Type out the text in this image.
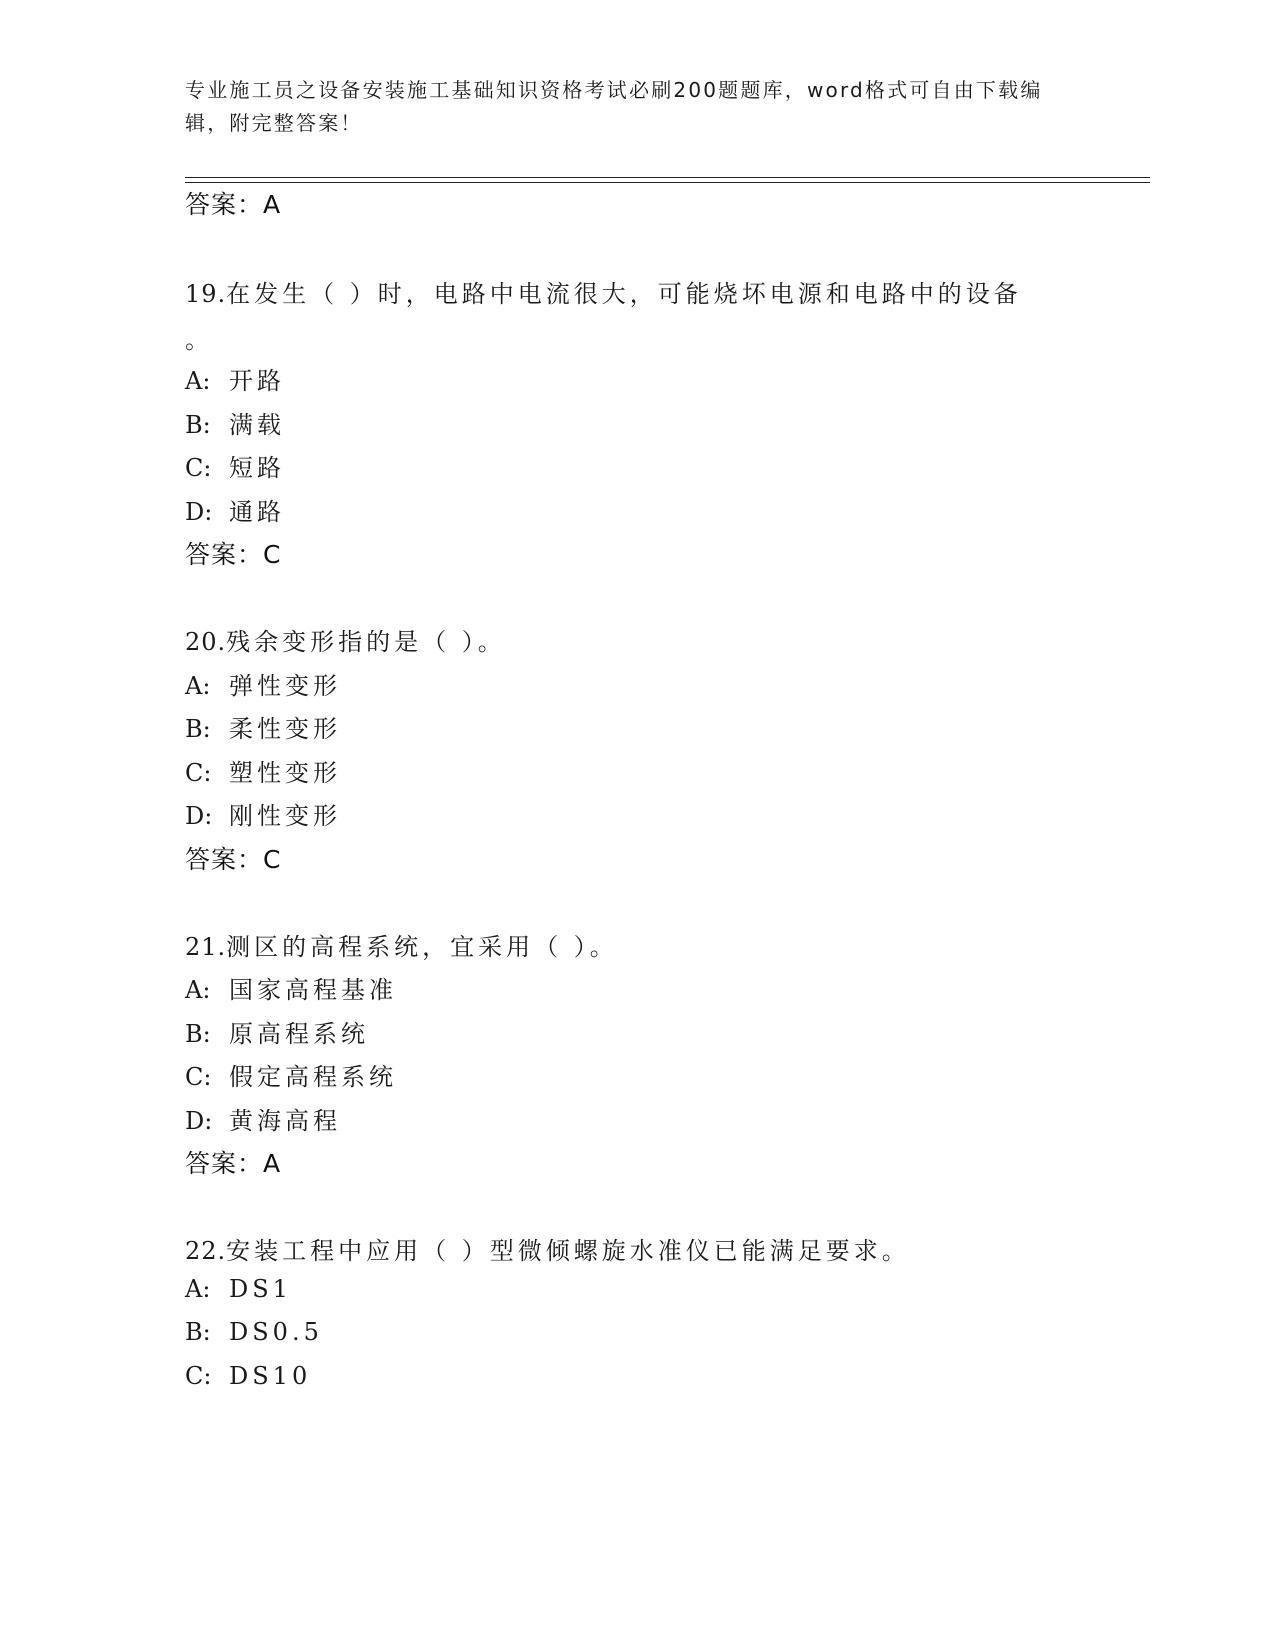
专业施工员之设备安装施工基础知识资格考试必刷200题题库，word格式可自由下载编辑，附完整答案！
答案：A
19.在发生（ ）时，电路中电流很大，可能烧坏电源和电路中的设备
。
A: 开路
B: 满载
C: 短路
D: 通路
答案：C
20.残余变形指的是（ ）。
A: 弹性变形
B: 柔性变形
C: 塑性变形
D: 刚性变形
答案：C
21.测区的高程系统，宜采用（ ）。
A: 国家高程基准
B: 原高程系统
C: 假定高程系统
D: 黄海高程
答案：A
22.安装工程中应用（ ）型微倾螺旋水准仪已能满足要求。
A: DS1
B: DS0.5
C: DS10
